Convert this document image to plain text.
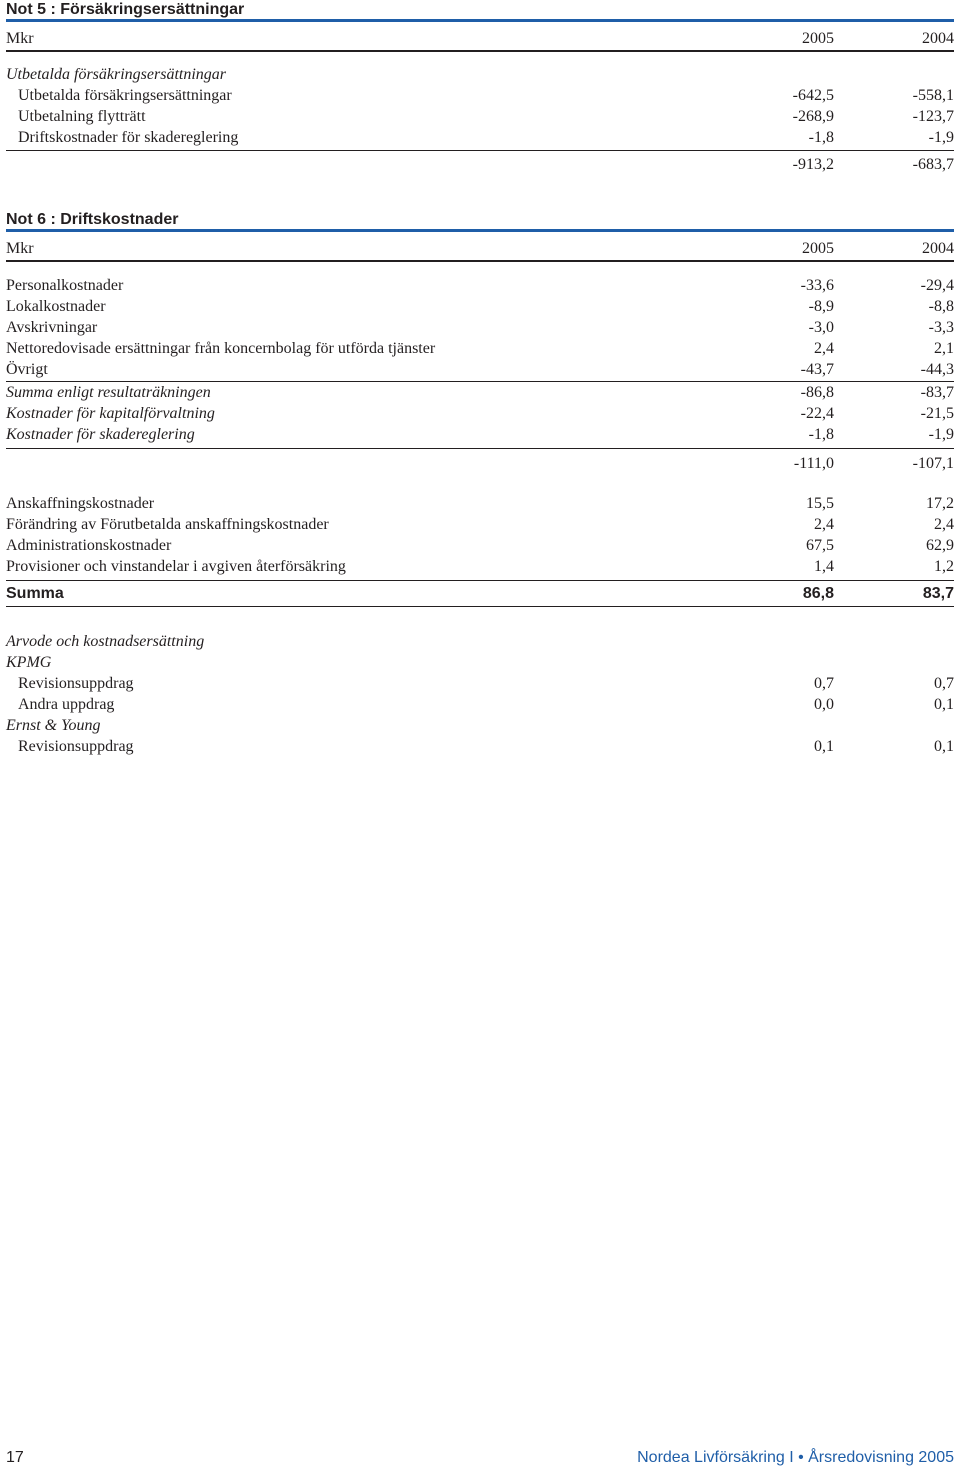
Not 5 : Försäkringsersättningar
Mkr	2005	2004
Utbetalda försäkringsersättningar
Utbetalda försäkringsersättningar	-642,5	-558,1
Utbetalning flytträtt	-268,9	-123,7
Driftskostnader för skadereglering	-1,8	-1,9
-913,2	-683,7
Not 6 : Driftskostnader
Mkr	2005	2004
Personalkostnader	-33,6	-29,4
Lokalkostnader	-8,9	-8,8
Avskrivningar	-3,0	-3,3
Nettoredovisade ersättningar från koncernbolag för utförda tjänster	2,4	2,1
Övrigt	-43,7	-44,3
Summa enligt resultaträkningen	-86,8	-83,7
Kostnader för kapitalförvaltning	-22,4	-21,5
Kostnader för skadereglering	-1,8	-1,9
-111,0	-107,1
Anskaffningskostnader	15,5	17,2
Förändring av Förutbetalda anskaffningskostnader	2,4	2,4
Administrationskostnader	67,5	62,9
Provisioner och vinstandelar i avgiven återförsäkring	1,4	1,2
Summa	86,8	83,7
Arvode och kostnadsersättning
KPMG
Revisionsuppdrag	0,7	0,7
Andra uppdrag	0,0	0,1
Ernst & Young
Revisionsuppdrag	0,1	0,1
17	Nordea Livförsäkring I • Årsredovisning 2005
